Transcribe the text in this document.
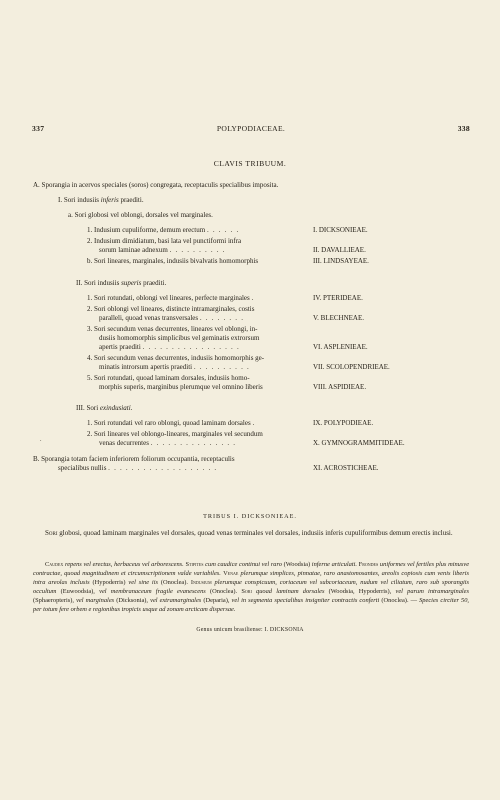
337	POLYPODIACEAE.	338
CLAVIS TRIBUUM.
A. Sporangia in acervos speciales (soros) congregata, receptaculis specialibus imposita.
I. Sori indusiis inferis praediti.
a. Sori globosi vel oblongi, dorsales vel marginales.
1. Indusium cupuliforme, demum erectum . . . . . .	I. DICKSONIEAE.
2. Indusium dimidiatum, basi lata vel punctiformi infra
sorum laminae adnexum . . . . . . . . . .	II. DAVALLIEAE.
b. Sori lineares, marginales, indusiis bivalvatis homomorphis	III. LINDSAYEAE.
II. Sori indusiis superis praediti.
1. Sori rotundati, oblongi vel lineares, perfecte marginales .	IV. PTERIDEAE.
2. Sori oblongi vel lineares, distincte intramarginales, costis
paralleli, quoad venas transversales . . . . . . . .	V. BLECHNEAE.
3. Sori secundum venas decurrentes, lineares vel oblongi, in-
dusiis homomorphis simplicibus vel geminatis extrorsum
apertis praediti . . . . . . . . . . . . . . . . .	VI. ASPLENIEAE.
4. Sori secundum venas decurrentes, indusiis homomorphis ge-
minatis introrsum apertis praediti . . . . . . . . . .	VII. SCOLOPENDRIEAE.
5. Sori rotundati, quoad laminam dorsales, indusiis homo-
morphis superis, marginibus plerumque vel omnino liberis	VIII. ASPIDIEAE.
III. Sori exindusiati.
1. Sori rotundati vel raro oblongi, quoad laminam dorsales .	IX. POLYPODIEAE.
2. Sori lineares vel oblongo-lineares, marginales vel secundum
venas decurrentes . . . . . . . . . . . . . . .	X. GYMNOGRAMMITIDEAE.
.
B. Sporangia totam faciem inferiorem foliorum occupantia, receptaculis
specialibus nullis . . . . . . . . . . . . . . . . . . .	XI. ACROSTICHEAE.
TRIBUS I. DICKSONIEAE.
Sori globosi, quoad laminam marginales vel dorsales, quoad venas terminales vel dorsales, indusiis inferis cupuliformibus demum erectis inclusi.
Caudex repens vel erectus, herbaceus vel arborescens. Stipites cum caudice continui vel raro (Woodsia) inferne articulati. Frondes uniformes vel fertiles plus minusve contractae, quoad magnitudinem et circumscriptionem valde variabiles. Venae plerumque simplices, pinnatae, raro anastomosantes, areolis copiosis cum venis liberis intra areolas inclusis (Hypoderris) vel sine iis (Onoclea). Indusium plerumque conspicuum, coriaceum vel subcoriaceum, nudum vel ciliatum, raro sub sporangiis occultum (Euwoodsia), vel membranaceum fragile evanescens (Onoclea). Sori quoad laminam dorsales (Woodsia, Hypoderris), vel parum intramarginales (Sphaeropteris), vel marginales (Dicksonia), vel extramarginales (Deparia), vel in segmenta specialibus insigniter contractis conferti (Onoclea). — Species circiter 50, per totum fere orbem e regionibus tropicis usque ad zonam arcticam dispersae.
Genus unicum brasiliense: I. DICKSONIA
